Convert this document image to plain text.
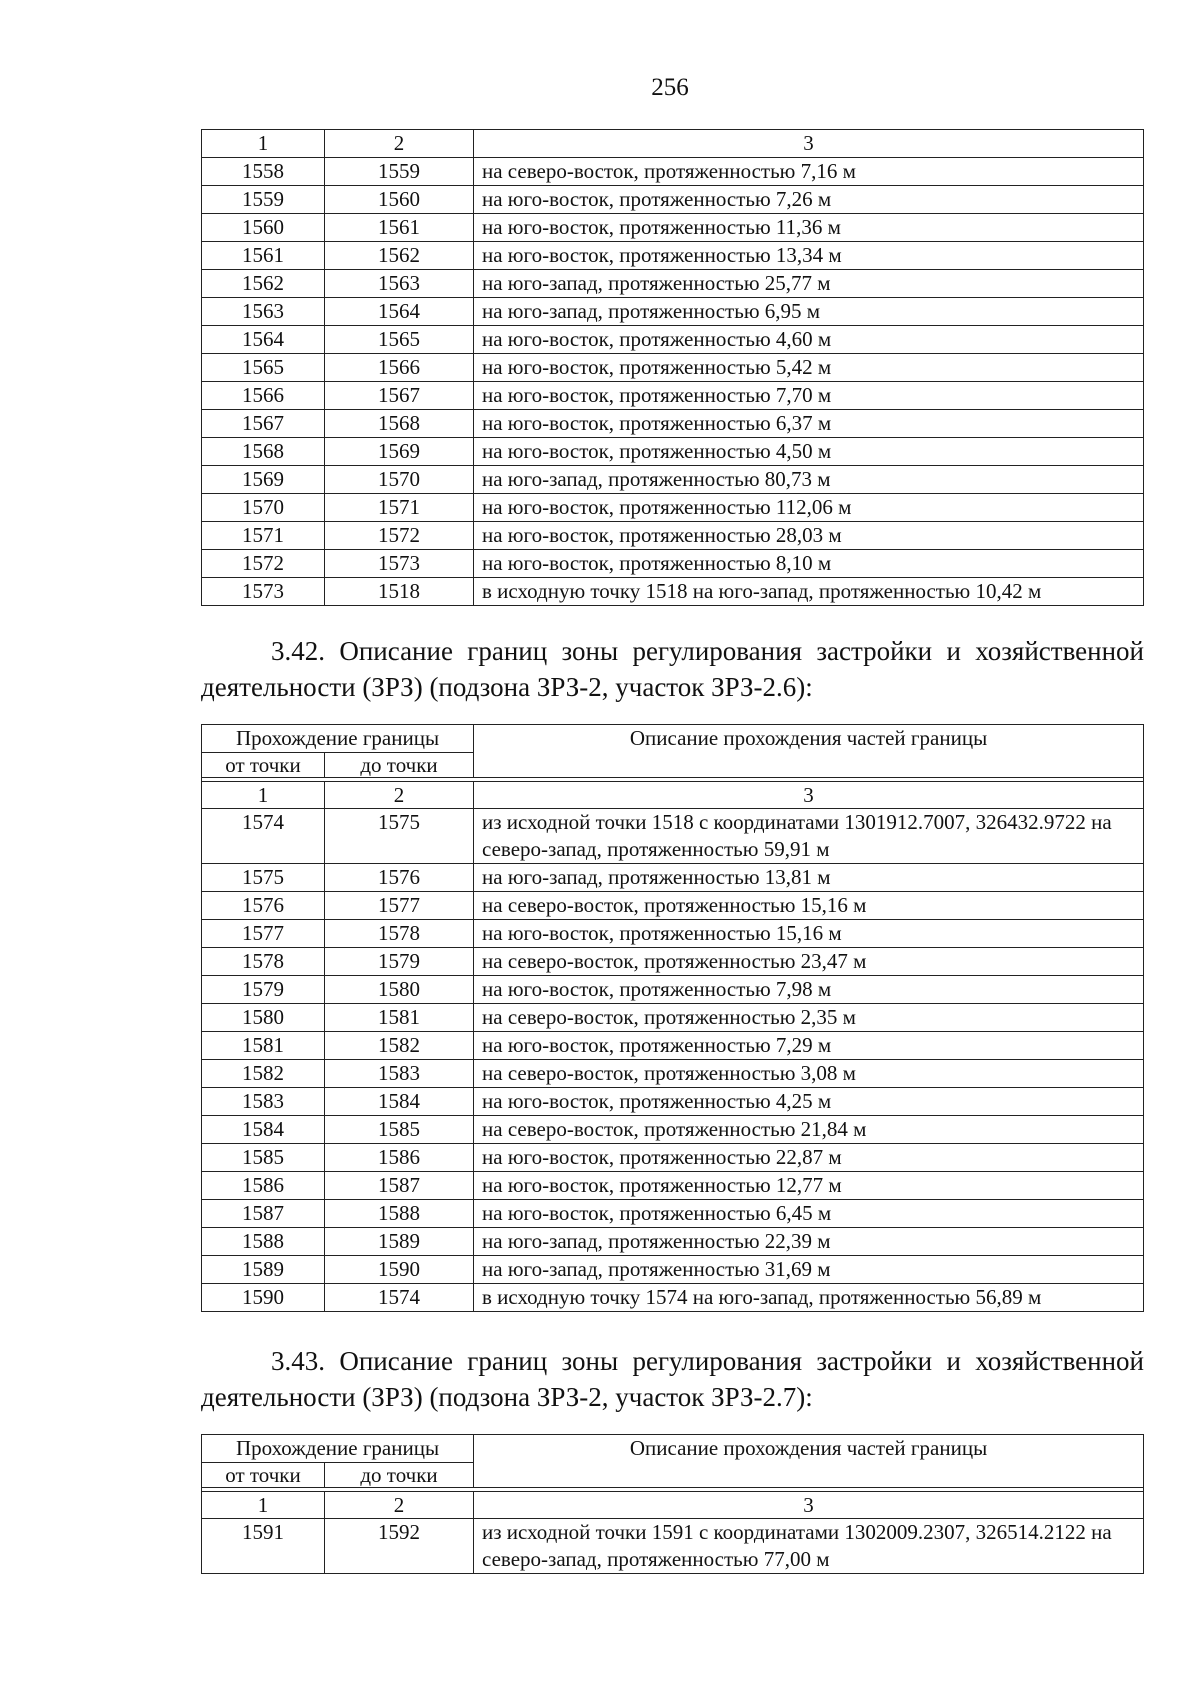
256
1	2	3
1558	1559	на северо-восток, протяженностью 7,16 м
1559	1560	на юго-восток, протяженностью 7,26 м
1560	1561	на юго-восток, протяженностью 11,36 м
1561	1562	на юго-восток, протяженностью 13,34 м
1562	1563	на юго-запад, протяженностью 25,77 м
1563	1564	на юго-запад, протяженностью 6,95 м
1564	1565	на юго-восток, протяженностью 4,60 м
1565	1566	на юго-восток, протяженностью 5,42 м
1566	1567	на юго-восток, протяженностью 7,70 м
1567	1568	на юго-восток, протяженностью 6,37 м
1568	1569	на юго-восток, протяженностью 4,50 м
1569	1570	на юго-запад, протяженностью 80,73 м
1570	1571	на юго-восток, протяженностью 112,06 м
1571	1572	на юго-восток, протяженностью 28,03 м
1572	1573	на юго-восток, протяженностью 8,10 м
1573	1518	в исходную точку 1518 на юго-запад, протяженностью 10,42 м
3.42. Описание границ зоны регулирования застройки и хозяйственной деятельности (ЗРЗ) (подзона ЗРЗ-2, участок ЗРЗ-2.6):
Прохождение границы		Описание прохождения частей границы
от точки	до точки	

1	2	3
1574	1575	из исходной точки 1518 с координатами 1301912.7007, 326432.9722 на северо-запад, протяженностью 59,91 м
1575	1576	на юго-запад, протяженностью 13,81 м
1576	1577	на северо-восток, протяженностью 15,16 м
1577	1578	на юго-восток, протяженностью 15,16 м
1578	1579	на северо-восток, протяженностью 23,47 м
1579	1580	на юго-восток, протяженностью 7,98 м
1580	1581	на северо-восток, протяженностью 2,35 м
1581	1582	на юго-восток, протяженностью 7,29 м
1582	1583	на северо-восток, протяженностью 3,08 м
1583	1584	на юго-восток, протяженностью 4,25 м
1584	1585	на северо-восток, протяженностью 21,84 м
1585	1586	на юго-восток, протяженностью 22,87 м
1586	1587	на юго-восток, протяженностью 12,77 м
1587	1588	на юго-восток, протяженностью 6,45 м
1588	1589	на юго-запад, протяженностью 22,39 м
1589	1590	на юго-запад, протяженностью 31,69 м
1590	1574	в исходную точку 1574 на юго-запад, протяженностью 56,89 м
3.43. Описание границ зоны регулирования застройки и хозяйственной деятельности (ЗРЗ) (подзона ЗРЗ-2, участок ЗРЗ-2.7):
Прохождение границы		Описание прохождения частей границы
от точки	до точки	

1	2	3
1591	1592	из исходной точки 1591 с координатами 1302009.2307, 326514.2122 на северо-запад, протяженностью 77,00 м
